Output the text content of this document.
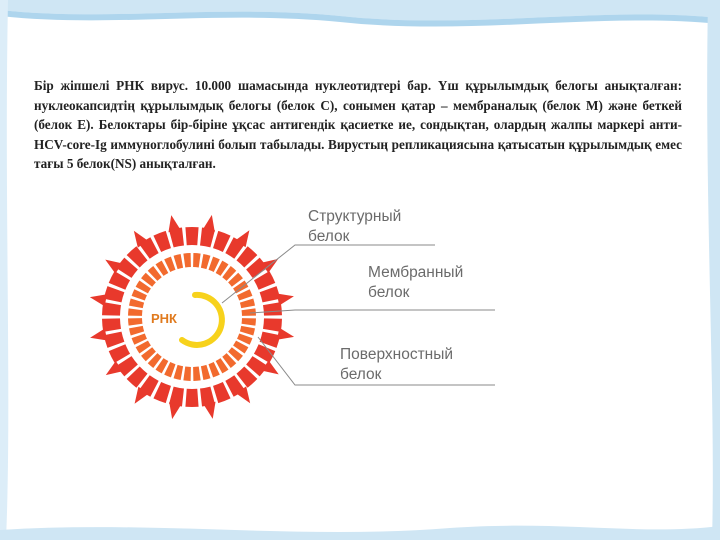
Бір жіпшелі РНК вирус. 10.000 шамасында нуклеотидтері бар. Үш құрылымдық белогы анықталған: нуклеокапсидтің құрылымдық белогы (белок С), сонымен қатар – мембраналық (белок М) және беткей (белок Е). Белоктары бір-біріне ұқсас антигендік қасиетке ие, сондықтан, олардың жалпы маркері анти-HCV-core-Ig иммуноглобулині болып табылады. Вирустың репликациясына қатысатын құрылымдық емес тағы 5 белок(NS) анықталған.
РНК
Структурный
белок
Мембранный
белок
Поверхностный
белок
